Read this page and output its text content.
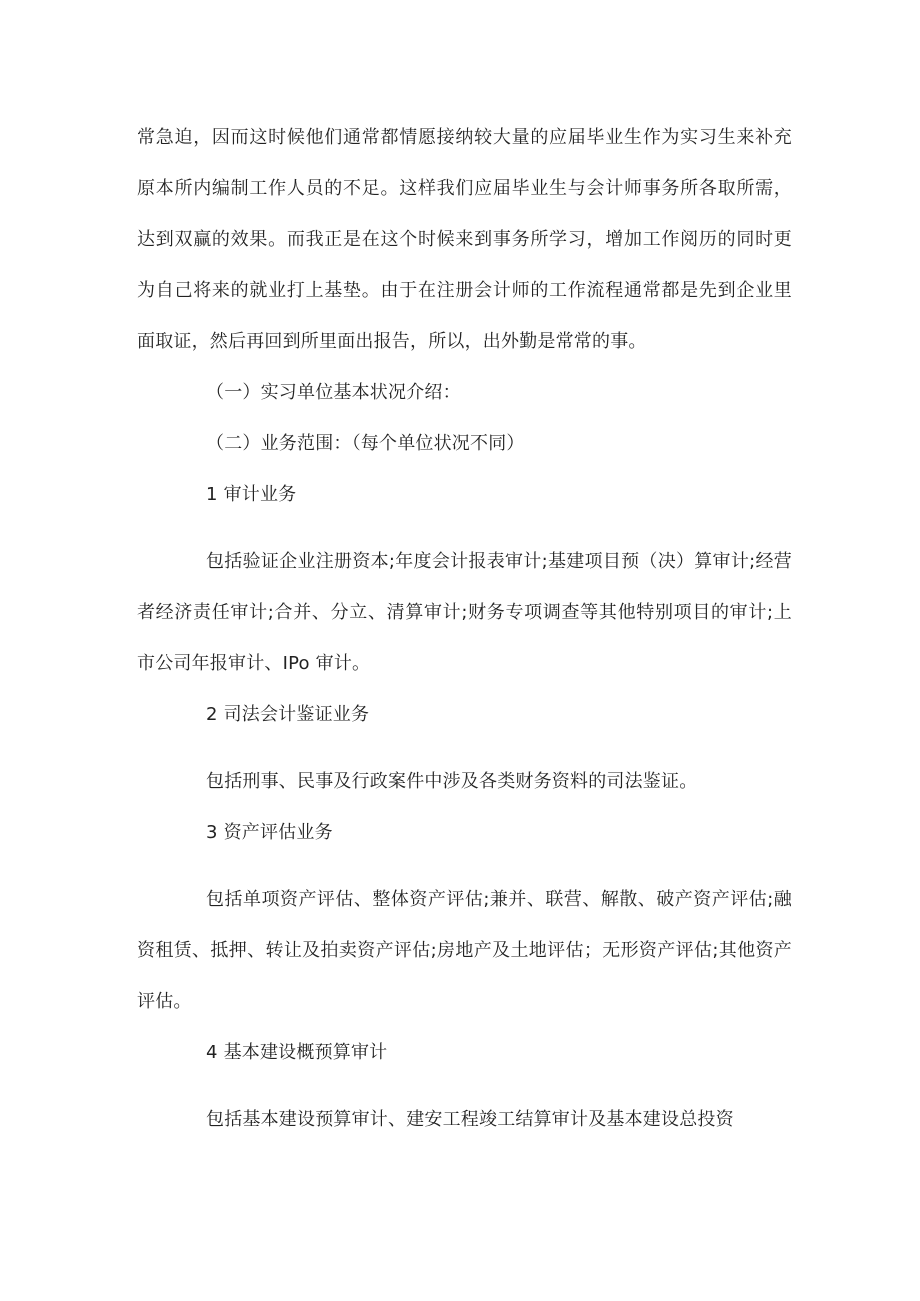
常急迫，因而这时候他们通常都情愿接纳较大量的应届毕业生作为实习生来补充原本所内编制工作人员的不足。这样我们应届毕业生与会计师事务所各取所需，达到双赢的效果。而我正是在这个时候来到事务所学习，增加工作阅历的同时更为自己将来的就业打上基垫。由于在注册会计师的工作流程通常都是先到企业里面取证，然后再回到所里面出报告，所以，出外勤是常常的事。

（一）实习单位基本状况介绍：

（二）业务范围：（每个单位状况不同）

1 审计业务

包括验证企业注册资本;年度会计报表审计;基建项目预（决）算审计;经营者经济责任审计;合并、分立、清算审计;财务专项调查等其他特别项目的审计;上市公司年报审计、IPo 审计。

2 司法会计鉴证业务

包括刑事、民事及行政案件中涉及各类财务资料的司法鉴证。

3 资产评估业务

包括单项资产评估、整体资产评估;兼并、联营、解散、破产资产评估;融资租赁、抵押、转让及拍卖资产评估;房地产及土地评估；无形资产评估;其他资产评估。

4 基本建设概预算审计

包括基本建设预算审计、建安工程竣工结算审计及基本建设总投资
